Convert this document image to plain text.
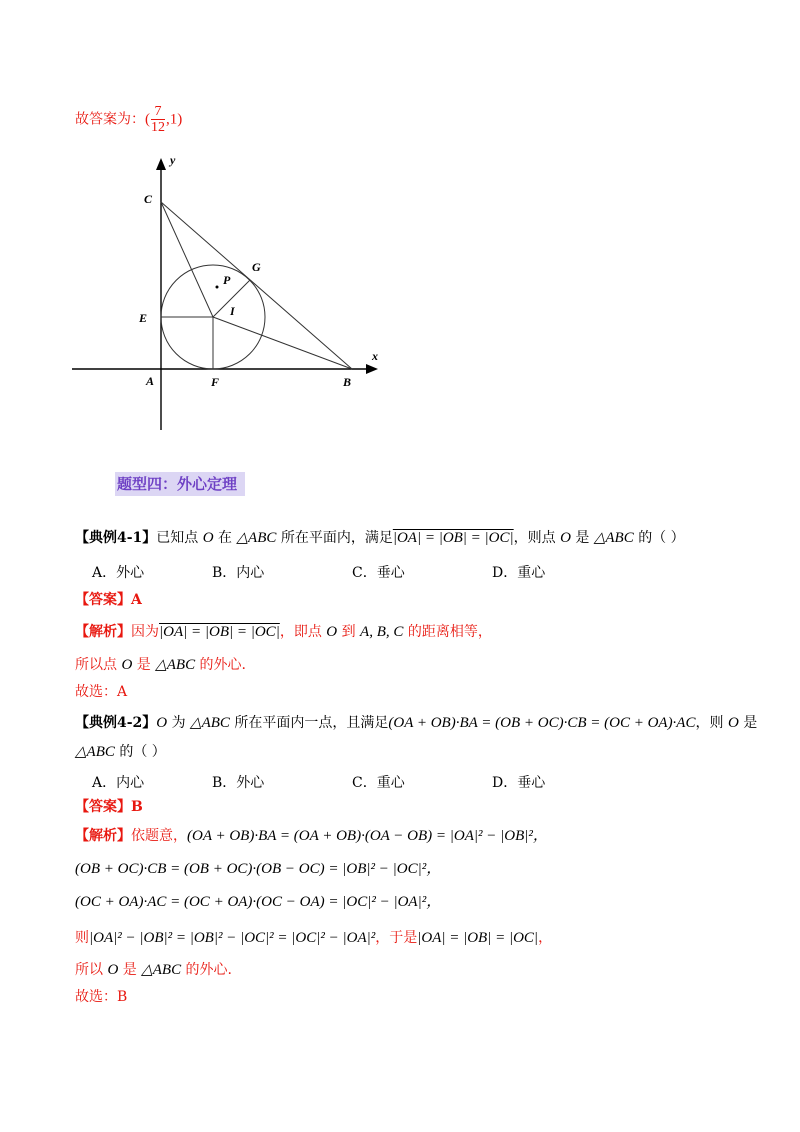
故答案为：( $\frac{7}{12} ,1$)
y
x
C
G
P
E	I
A	F	B
题型四：外心定理
【典例4-1】已知点 O 在 △ABC 所在平面内，满足|OA| = |OB| = |OC|，则点 O 是 △ABC 的（ ）
A．外心	B．内心	C．垂心	D．重心
【答案】A
【解析】因为|OA| = |OB| = |OC|，即点 O 到 A, B, C 的距离相等，
所以点 O 是 △ABC 的外心.
故选：A
【典例4-2】O 为 △ABC 所在平面内一点，且满足(OA + OB)·BA = (OB + OC)·CB = (OC + OA)·AC，则 O 是
△ABC 的（ ）
A．内心	B．外心	C．重心	D．垂心
【答案】B
【解析】依题意，(OA + OB)·BA = (OA + OB)·(OA − OB) = |OA|² − |OB|²，
(OB + OC)·CB = (OB + OC)·(OB − OC) = |OB|² − |OC|²，
(OC + OA)·AC = (OC + OA)·(OC − OA) = |OC|² − |OA|²，
则|OA|² − |OB|² = |OB|² − |OC|² = |OC|² − |OA|²，于是|OA| = |OB| = |OC|，
所以 O 是 △ABC 的外心.
故选：B
